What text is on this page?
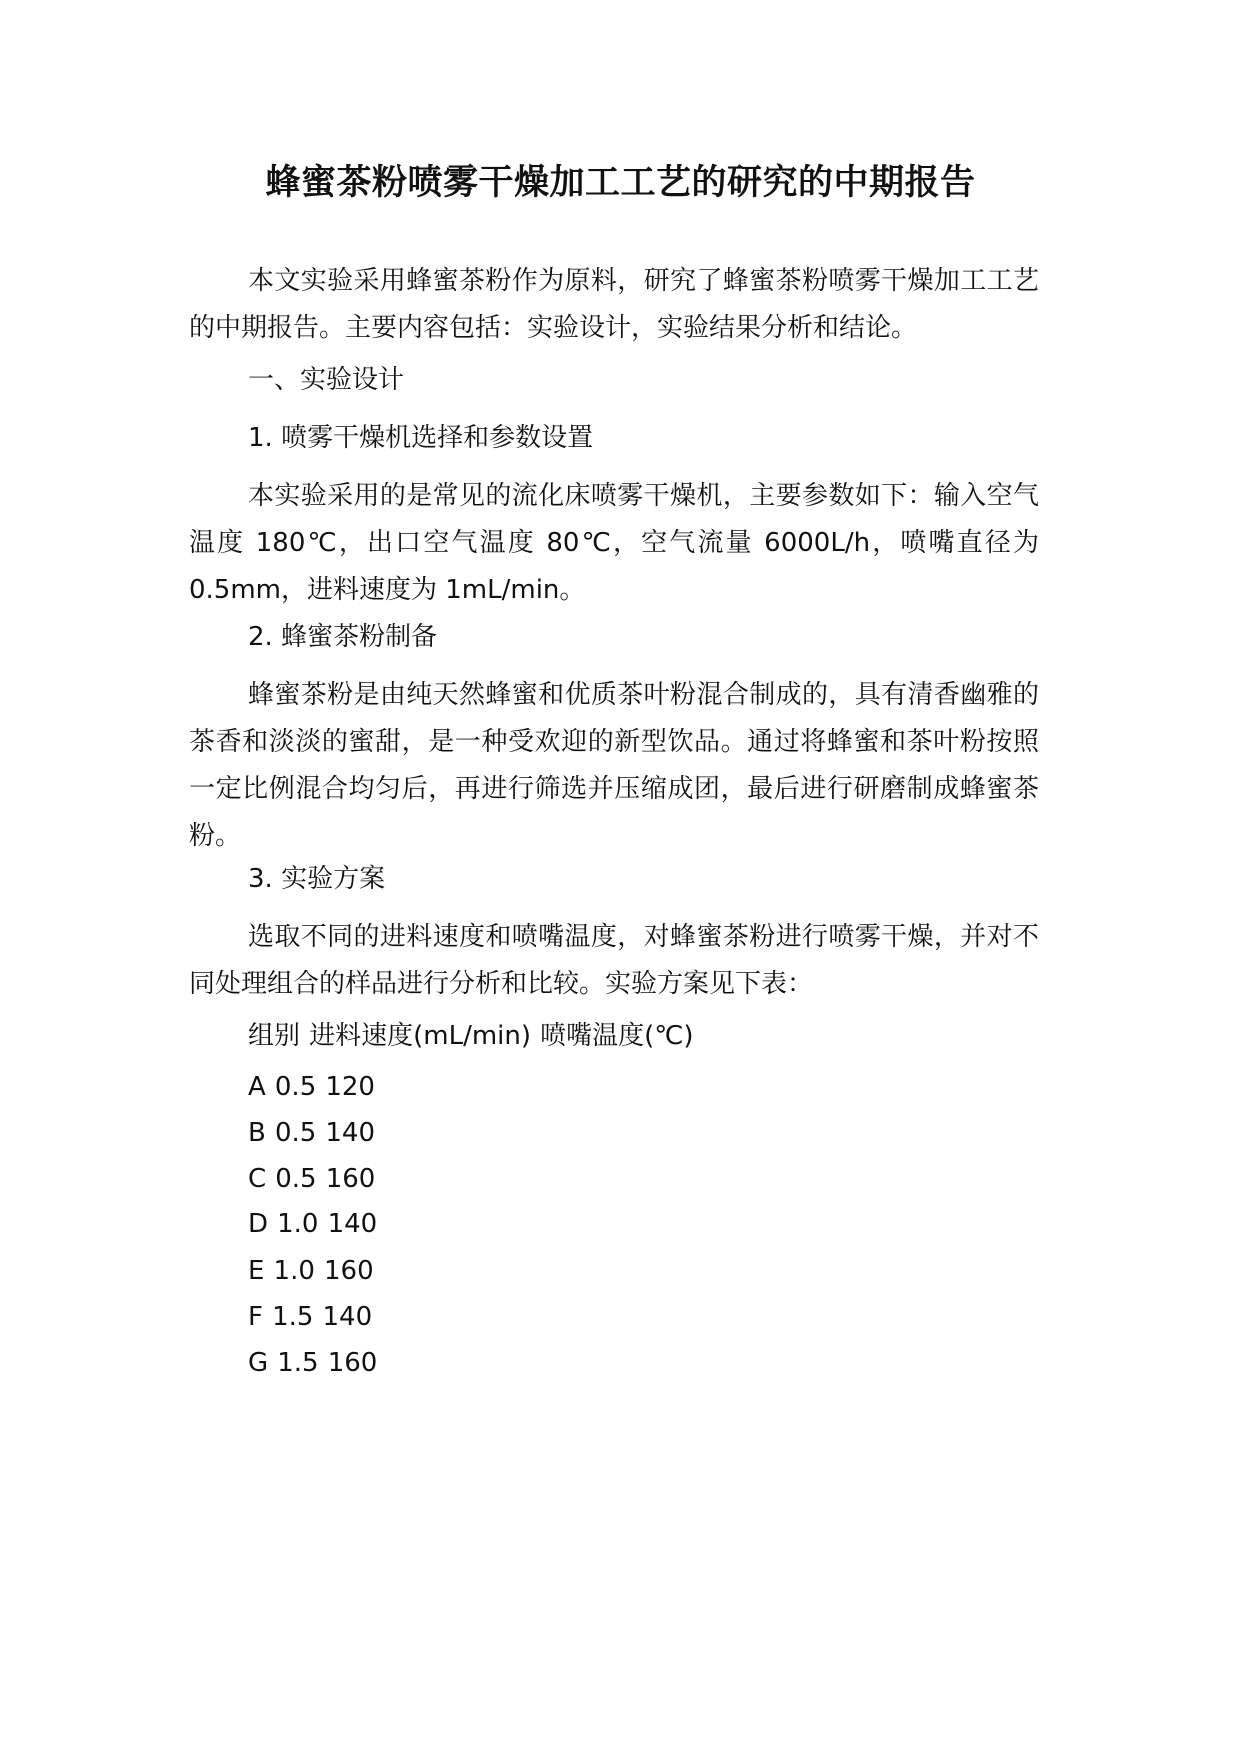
蜂蜜茶粉喷雾干燥加工工艺的研究的中期报告

本文实验采用蜂蜜茶粉作为原料，研究了蜂蜜茶粉喷雾干燥加工工艺的中期报告。主要内容包括：实验设计，实验结果分析和结论。

一、实验设计

1. 喷雾干燥机选择和参数设置

本实验采用的是常见的流化床喷雾干燥机，主要参数如下：输入空气温度 180℃，出口空气温度 80℃，空气流量 6000L/h，喷嘴直径为 0.5mm，进料速度为 1mL/min。

2. 蜂蜜茶粉制备

蜂蜜茶粉是由纯天然蜂蜜和优质茶叶粉混合制成的，具有清香幽雅的茶香和淡淡的蜜甜，是一种受欢迎的新型饮品。通过将蜂蜜和茶叶粉按照一定比例混合均匀后，再进行筛选并压缩成团，最后进行研磨制成蜂蜜茶粉。

3. 实验方案

选取不同的进料速度和喷嘴温度，对蜂蜜茶粉进行喷雾干燥，并对不同处理组合的样品进行分析和比较。实验方案见下表：

组别 进料速度(mL/min) 喷嘴温度(℃)

A 0.5 120

B 0.5 140

C 0.5 160

D 1.0 140

E 1.0 160

F 1.5 140

G 1.5 160
